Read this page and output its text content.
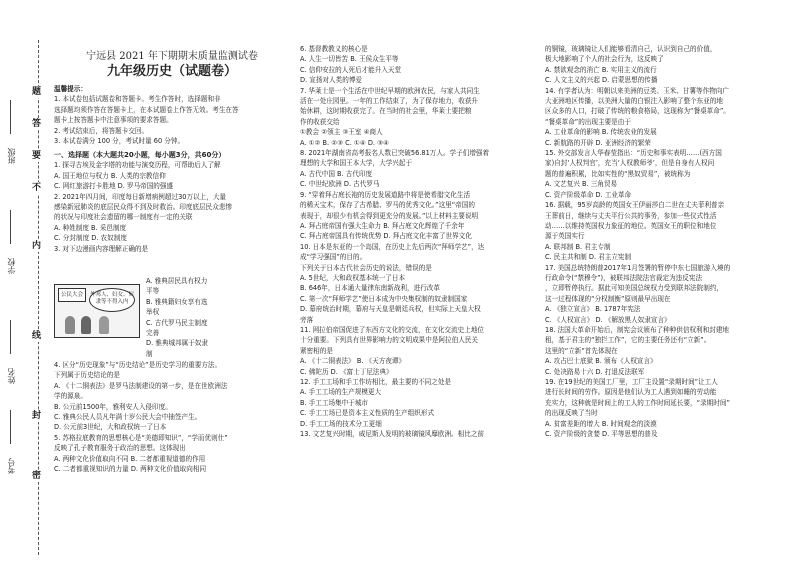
题
答
要
不
内
线
封
密
班级
学校
姓名
考号
宁远县 2021 年下期期末质量监测试卷
九年级历史（试题卷）

温馨提示：

1. 本试卷包括试题卷和答题卡。考生作答时，选择题和非

选择题均须作答在答题卡上，在本试题卷上作答无效。考生在答

题卡上按答题卡中注意事项的要求答题。

2. 考试结束后，将答题卡交回。

3. 本试卷满分 100 分，考试时量 60 分钟。

一、选择题（本大题共20小题，每小题3分，共60分）

1. 探寻古埃及金字塔的功能与演变历程，可帮助后人了解

A. 国王地位与权力 B. 人类的宗教信仰

C. 网红旅游打卡胜地 D. 罗马帝国的强盛

2. 2021年四月间，印度每日新增病例超过30万以上，大量

感染新冠肺炎的底层民众得不到及时救治。印度底层民众悲惨

的状况与印度社会遗留的哪一制度有一定的关联

A. 种姓制度 B. 采邑制度

C. 分封制度 D. 农奴制度

3. 对下边漫画内容理解正确的是

公民大会	外邦人、妇女、奴隶等不得入内

A. 雅典居民具有权力

平等

B. 雅典籍妇女享有选

举权

C. 古代罗马民主制度

完善

D. 雅典城邦属于奴隶

制

4. 区分“历史现象”与“历史结论”是历史学习的重要方法。

下列属于历史结论的是

A. 《十二铜表法》是罗马法制建设的第一步，是在世欧洲法

学的源泉。

B. 公元前1500年，雅利安人入侵印度。

C. 雅典公民人员凡年满十岁公民大会中抽签产生。

D. 公元前3世纪，大和政权统一了日本

5. 苏格拉底教育的思想核心是“美德即知识”，“学而优则仕”

反映了孔子教育服务于政治的思想。这体现出

A. 两种文化价值取向不同 B. 二者都重视道德的作用

C. 二者都重视知识的力量 D. 两种文化价值取向相同

6. 基督教教义的核心是

A. 人生一切皆苦 B. 王侯众生平等

C. 信仰安拉的人死后才能升入天堂

D. 宣扬对人类的博爱

7. 华莱士是一个生活在中世纪早期的欧洲农民，与家人共同生

活在一处庄园里。一年的工作结束了，为了保存地力，收获升

始休耕，这时期收获完了。在当时的社会里，华莱士要把粮

作的收获交给

①教会 ②领主 ③王室 ④商人

A. ①② B. ②③ C. ①④ D. ③④

8. 2021年湖南省高考报名人数已突破56.81万人。学子们增强着

理想的大学和国王本大学，大学兴起于

A. 古代中国 B. 古代印度

C. 中世纪欧洲 D. 古代罗马

9. “穿着拜占庭长袍的历史发展道路中将是使希腊文化生活

的稀天宝术，保存了古希腊、罗马的优秀文化。”这里“帝国的

表现于，却很少有机会得到更充分的发展。”以上材料主要说明

A. 拜占庭帝国有强大生命力 B. 拜占庭文化辉煌了千余年

C. 拜占庭帝国具有传统优势 D. 拜占庭文化丰富了世界文化

10. 日本是东亚的一个岛国，在历史上先后两次“拜师学艺”，达

成“学习强国”的目的。

下列关于日本古代社会历史的说法，错误的是

A. 5世纪，大和政权基本统一了日本

B. 646年，日本通大量律东南新战利，进行改革

C. 第一次“拜师学艺”使日本成为中央集权制的奴隶制国家

D. 幕府统治时期，幕府与天皇是朝廷兵权，但实际上天皇大权

旁落

11. 网拉伯帝国促进了东西方文化的交流，在文化交流史上地位

十分重要。下列具有世界影响力的文明成果中是阿拉伯人民关

紧密相的是

A. 《十二铜表法》 B. 《天方夜谭》

C. 佛陀历 D. 《富士丁尼法典》

12. 手工工场和手工作坊相比，最主要的不同之处是

A. 手工工场的生产规模更大

B. 手工工场集中于城市

C. 手工工场已是资本主义性质的生产组织形式

D. 手工工场的技术分工更细

13. 文艺复兴时期，威尼斯人发明的玻璃镜风靡欧洲。相比之前

的铜镜，玻璃镜让人们能够看清自己，认识到自己的价值，

极大地影响了个人的社会行为，这反映了

A. 禁欲观念的消亡 B. 实用主义的流行

C. 人文主义的兴起 D. 启蒙思想的传播

14. 有学者认为：明朝以来美洲的豆类、玉米、甘薯等作物向广

大亚洲地区传播，以美洲大量的白银注入影响了整个东亚的地

区众多的人口，打破了传统的粮食格局，这现称为“餐桌革命”。

“餐桌革命”的出现主要是由于

A. 工业革命的影响 B. 传统农业的发展

C. 新航路的开辟 D. 亚洲经济的繁荣

15. 外交部发言人华春莹指出：“历史和事实表明……(西方国

家)自封‘人权判官’，充当‘人权教师爷’，但是自身有人权问

题的普遍积累，比如实性的“黑奴贸易”，被统称为

A. 文艺复兴 B. 三角贸易

C. 资产阶级革命 D. 工业革命

16. 据载，95岁高龄的英国女王伊丽莎白二世在丈夫菲利普亲

王葬前日，继续与丈夫平行公共的事务，参加一些仪式性活

动……以维持英国权力象征的地位。英国女王的职位和地位

源于英国实行

A. 联邦制 B. 君主专制

C. 民主共和制 D. 君主立宪制

17. 美国总统特朗普2017年1月签署的暂停中东七国旅游入境的

行政命令(“禁穆令”)，被联邦法院法官裁定为违反宪法

，立即暂停执行。据此可知美国总统权力受到联邦法院制约，

这一过程体现的“分权制衡”原则最早出现在

A. 《独立宣言》 B. 1787年宪法

C. 《人权宣言》 D. 《解放黑人奴隶宣言》

18. 法国大革命开始后，制宪会议颁布了种种供信权利和封建地

租，基于君主的“独拦工作”，它的主要任务还有“立新”。

这里的“立新”首先体现在

A. 攻占巴士底狱 B. 颁布《人权宣言》

C. 处决路易十六 D. 打退反法联军

19. 在19世纪的美国工厂里，工厂主设置“录期时间”让工人

进行长时间的劳作。原因是他们认为工人遇到如睡的劳动能

充实力，这种就是时间上的工人的工作时间延长要，“录期时间”

的出现反映了当时

A. 贫富差距的增大 B. 时间观念的淡漠

C. 资产阶级的贪婪 D. 平等思想的普及
